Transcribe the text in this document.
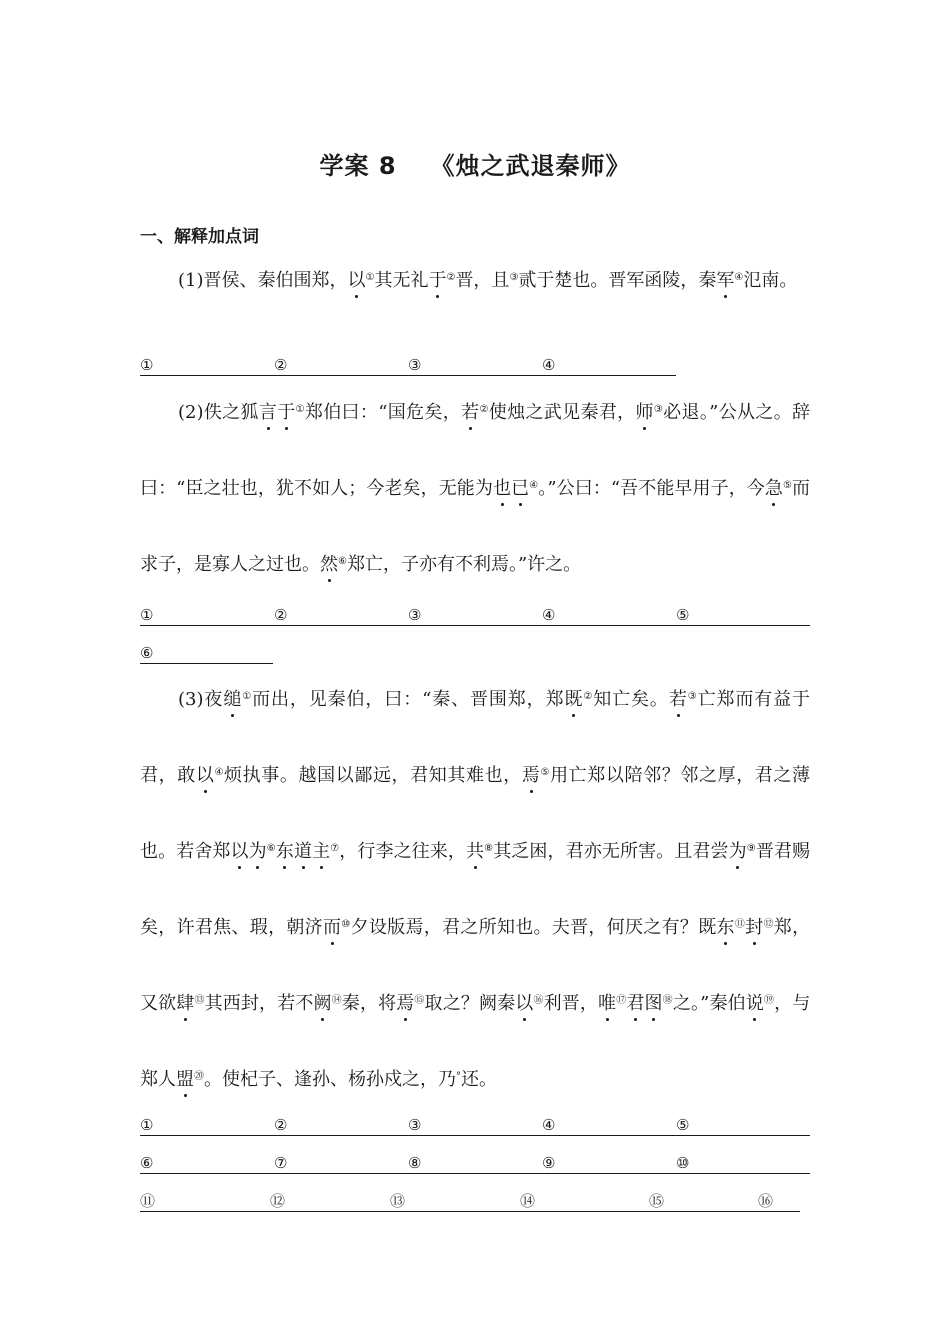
学案 8 《烛之武退秦师》
一、解释加点词
(1)晋侯、秦伯围郑，以①其无礼于②晋，且③贰于楚也。晋军函陵，秦军④氾南。
①	②	③	④
(2)佚之狐言于①郑伯曰：“国危矣，若②使烛之武见秦君，师③必退。”公从之。辞曰：“臣之壮也，犹不如人；今老矣，无能为也已④。”公曰：“吾不能早用子，今急⑤而求子，是寡人之过也。然⑥郑亡，子亦有不利焉。”许之。
①	②	③	④	⑤
⑥
(3)夜缒①而出，见秦伯，曰：“秦、晋围郑，郑既②知亡矣。若③亡郑而有益于君，敢以④烦执事。越国以鄙远，君知其难也，焉⑤用亡郑以陪邻？邻之厚，君之薄也。若舍郑以为⑥东道主⑦，行李之往来，共⑧其乏困，君亦无所害。且君尝为⑨晋君赐矣，许君焦、瑕，朝济而⑩夕设版焉，君之所知也。夫晋，何厌之有？既东⑪封⑫郑，又欲肆⑬其西封，若不阙⑭秦，将焉⑮取之？阙秦以⑯利晋，唯⑰君图⑱之。”秦伯说⑲，与郑人盟⑳。使杞子、逢孙、杨孙戍之，乃°还。
①	②	③	④	⑤
⑥	⑦	⑧	⑨	⑩
⑪	⑫	⑬	⑭	⑮	⑯
